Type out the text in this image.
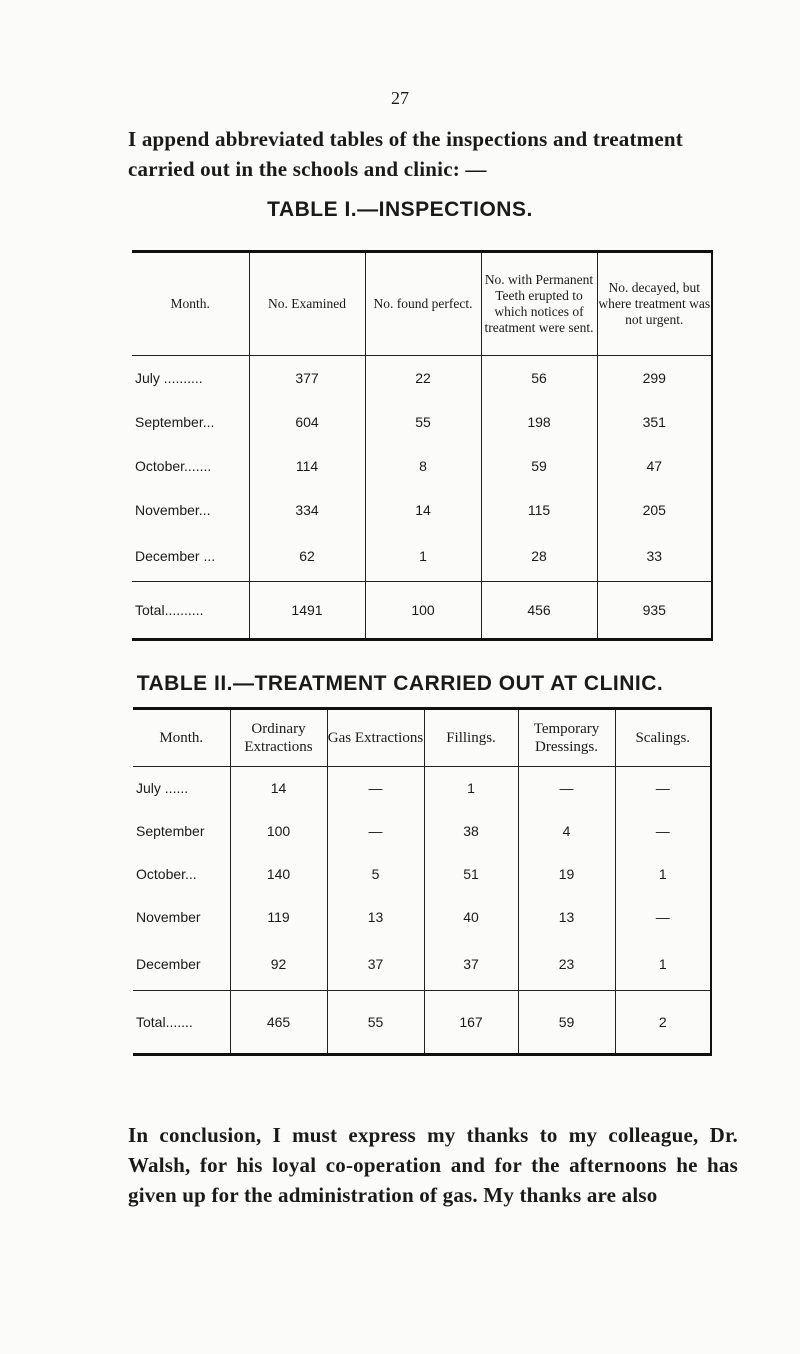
27
I append abbreviated tables of the inspections and treatment carried out in the schools and clinic: —
TABLE I.—INSPECTIONS.
Month.	No. Examined	No. found perfect.	No. with Permanent Teeth erupted to which notices of treatment were sent.	No. decayed, but where treatment was not urgent.
July ..........	377	22	56	299
September...	604	55	198	351
October.......	114	8	59	47
November...	334	14	115	205
December ...	62	1	28	33
Total..........	1491	100	456	935
TABLE II.—TREATMENT CARRIED OUT AT CLINIC.
Month.	Ordinary Extractions	Gas Extractions	Fillings.	Temporary Dressings.	Scalings.
July ......	14	—	1	—	—
September	100	—	38	4	—
October...	140	5	51	19	1
November	119	13	40	13	—
December	92	37	37	23	1
Total.......	465	55	167	59	2
In conclusion, I must express my thanks to my colleague, Dr. Walsh, for his loyal co-operation and for the afternoons he has given up for the administration of gas. My thanks are also
